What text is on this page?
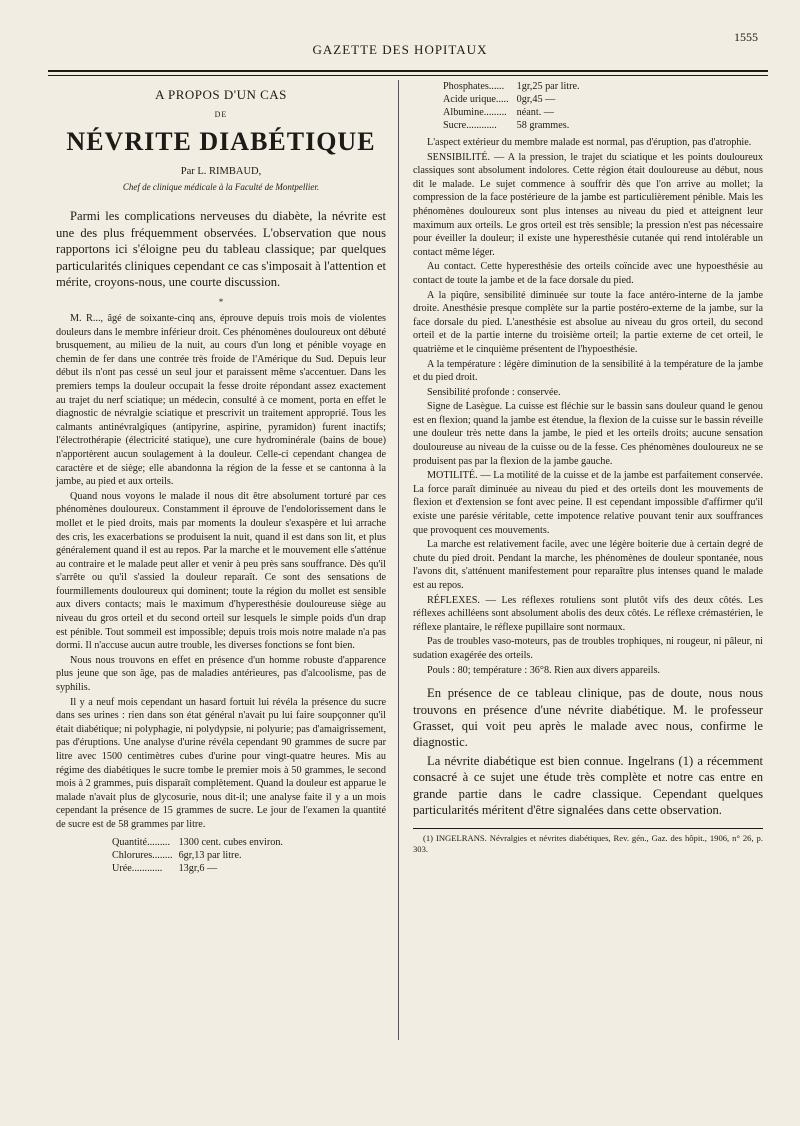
1555
GAZETTE DES HOPITAUX
A PROPOS D'UN CAS
DE
NÉVRITE DIABÉTIQUE
Par L. RIMBAUD,
Chef de clinique médicale à la Faculté de Montpellier.

Parmi les complications nerveuses du diabète, la névrite est une des plus fréquemment observées. L'observation que nous rapportons ici s'éloigne peu du tableau classique; par quelques particularités cliniques cependant ce cas s'imposait à l'attention et mérite, croyons-nous, une courte discussion.

*

M. R..., âgé de soixante-cinq ans, éprouve depuis trois mois de violentes douleurs dans le membre inférieur droit. Ces phénomènes douloureux ont débuté brusquement, au milieu de la nuit, au cours d'un long et pénible voyage en chemin de fer dans une contrée très froide de l'Amérique du Sud. Depuis leur début ils n'ont pas cessé un seul jour et paraissent même s'accentuer. Dans les premiers temps la douleur occupait la fesse droite répondant assez exactement au trajet du nerf sciatique; un médecin, consulté à ce moment, porta en effet le diagnostic de névralgie sciatique et prescrivit un traitement approprié. Tous les calmants antinévralgiques (antipyrine, aspirine, pyramidon) furent inactifs; l'électrothérapie (électricité statique), une cure hydrominérale (bains de boue) n'apportèrent aucun soulagement à la douleur. Celle-ci cependant changea de caractère et de siège; elle abandonna la région de la fesse et se cantonna à la jambe, au pied et aux orteils.

Quand nous voyons le malade il nous dit être absolument torturé par ces phénomènes douloureux. Constamment il éprouve de l'endolorissement dans le mollet et le pied droits, mais par moments la douleur s'exaspère et lui arrache des cris, les exacerbations se produisent la nuit, quand il est dans son lit, et plus généralement quand il est au repos. Par la marche et le mouvement elle s'atténue au contraire et le malade peut aller et venir à peu près sans souffrance. Dès qu'il s'arrête ou qu'il s'assied la douleur reparaît. Ce sont des sensations de fourmillements douloureux qui dominent; toute la région du mollet est sensible aux divers contacts; mais le maximum d'hyperesthésie douloureuse siège au niveau du gros orteil et du second orteil sur lesquels le simple poids d'un drap est pénible. Tout sommeil est impossible; depuis trois mois notre malade n'a pas dormi. Il n'accuse aucun autre trouble, les diverses fonctions se font bien.

Nous nous trouvons en effet en présence d'un homme robuste d'apparence plus jeune que son âge, pas de maladies antérieures, pas d'alcoolisme, pas de syphilis.

Il y a neuf mois cependant un hasard fortuit lui révéla la présence du sucre dans ses urines : rien dans son état général n'avait pu lui faire soupçonner qu'il était diabétique; ni polyphagie, ni polydypsie, ni polyurie; pas d'amaigrissement, pas d'éruptions. Une analyse d'urine révéla cependant 90 grammes de sucre par litre avec 1500 centimètres cubes d'urine pour vingt-quatre heures. Mis au régime des diabétiques le sucre tombe le premier mois à 50 grammes, le second mois à 2 grammes, puis disparaît complètement. Quand la douleur est apparue le malade n'avait plus de glycosurie, nous dit-il; une analyse faite il y a un mois cependant la présence de 15 grammes de sucre. Le jour de l'examen la quantité de sucre est de 58 grammes par litre.

Quantité.........	1300 cent. cubes environ.
Chlorures........	6gr,13 par litre.
Urée............	13gr,6 —
Phosphates......	1gr,25 par litre.
Acide urique.....	0gr,45 —
Albumine.........	néant. —
Sucre............	58 grammes.

L'aspect extérieur du membre malade est normal, pas d'éruption, pas d'atrophie.

SENSIBILITÉ. — A la pression, le trajet du sciatique et les points douloureux classiques sont absolument indolores. Cette région était douloureuse au début, nous dit le malade. Le sujet commence à souffrir dès que l'on arrive au mollet; la compression de la face postérieure de la jambe est particulièrement pénible. Mais les phénomènes douloureux sont plus intenses au niveau du pied et atteignent leur maximum aux orteils. Le gros orteil est très sensible; la pression n'est pas nécessaire pour éveiller la douleur; il existe une hyperesthésie cutanée qui rend intolérable un contact même léger.

Au contact. Cette hyperesthésie des orteils coïncide avec une hypoesthésie au contact de toute la jambe et de la face dorsale du pied.

A la piqûre, sensibilité diminuée sur toute la face antéro-interne de la jambe droite. Anesthésie presque complète sur la partie postéro-externe de la jambe, sur la face dorsale du pied. L'anesthésie est absolue au niveau du gros orteil, du second orteil et de la partie interne du troisième orteil; la partie externe de cet orteil, le quatrième et le cinquième présentent de l'hypoesthésie.

A la température : légère diminution de la sensibilité à la température de la jambe et du pied droit.

Sensibilité profonde : conservée.

Signe de Lasègue. La cuisse est fléchie sur le bassin sans douleur quand le genou est en flexion; quand la jambe est étendue, la flexion de la cuisse sur le bassin réveille une douleur très nette dans la jambe, le pied et les orteils droits; aucune sensation douloureuse au niveau de la cuisse ou de la fesse. Ces phénomènes douloureux ne se produisent pas par la flexion de la jambe gauche.

MOTILITÉ. — La motilité de la cuisse et de la jambe est parfaitement conservée. La force paraît diminuée au niveau du pied et des orteils dont les mouvements de flexion et d'extension se font avec peine. Il est cependant impossible d'affirmer qu'il existe une parésie véritable, cette impotence relative pouvant tenir aux souffrances que provoquent ces mouvements.

La marche est relativement facile, avec une légère boiterie due à certain degré de chute du pied droit. Pendant la marche, les phénomènes de douleur spontanée, nous l'avons dit, s'atténuent manifestement pour reparaître plus intenses quand le malade est au repos.

RÉFLEXES. — Les réflexes rotuliens sont plutôt vifs des deux côtés. Les réflexes achilléens sont absolument abolis des deux côtés. Le réflexe crémastérien, le réflexe plantaire, le réflexe pupillaire sont normaux.

Pas de troubles vaso-moteurs, pas de troubles trophiques, ni rougeur, ni pâleur, ni sudation exagérée des orteils.

Pouls : 80; température : 36°8. Rien aux divers appareils.

En présence de ce tableau clinique, pas de doute, nous nous trouvons en présence d'une névrite diabétique. M. le professeur Grasset, qui voit peu après le malade avec nous, confirme le diagnostic.

La névrite diabétique est bien connue. Ingelrans (1) a récemment consacré à ce sujet une étude très complète et notre cas entre en grande partie dans le cadre classique. Cependant quelques particularités méritent d'être signalées dans cette observation.

(1) INGELRANS. Névralgies et névrites diabétiques, Rev. gén., Gaz. des hôpit., 1906, n° 26, p. 303.
